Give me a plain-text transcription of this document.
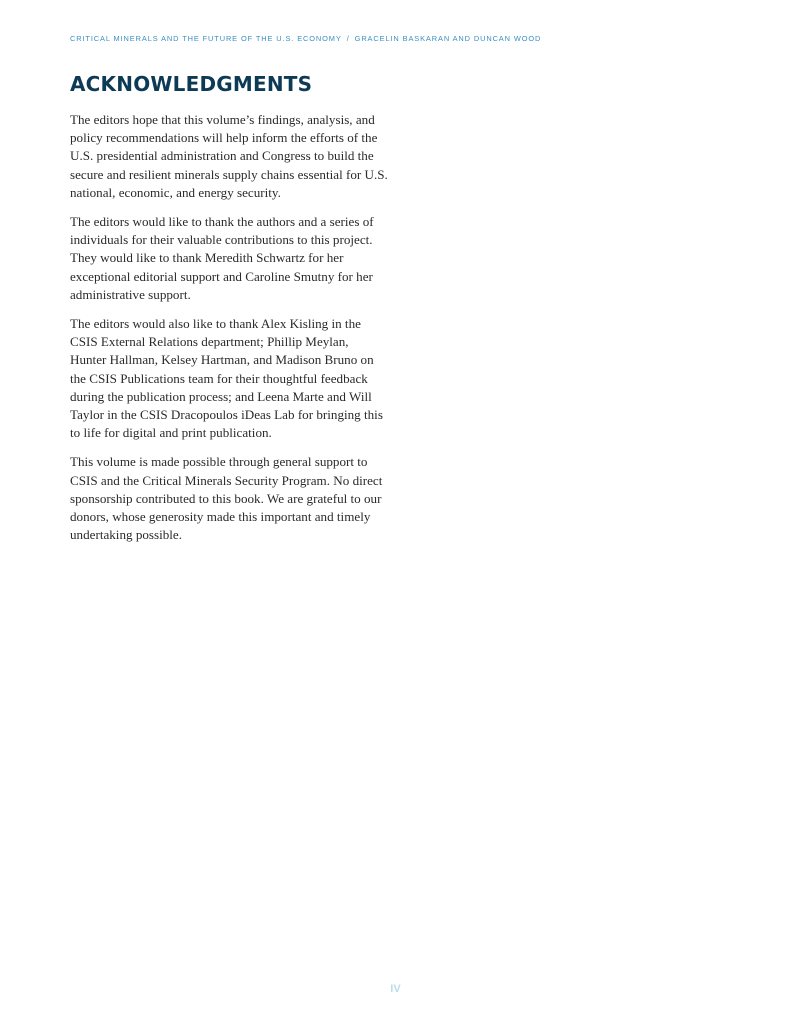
CRITICAL MINERALS AND THE FUTURE OF THE U.S. ECONOMY / GRACELIN BASKARAN AND DUNCAN WOOD
ACKNOWLEDGMENTS

The editors hope that this volume’s findings, analysis, and policy recommendations will help inform the efforts of the U.S. presidential administration and Congress to build the secure and resilient minerals supply chains essential for U.S. national, economic, and energy security.

The editors would like to thank the authors and a series of individuals for their valuable contributions to this project. They would like to thank Meredith Schwartz for her exceptional editorial support and Caroline Smutny for her administrative support.

The editors would also like to thank Alex Kisling in the CSIS External Relations department; Phillip Meylan, Hunter Hallman, Kelsey Hartman, and Madison Bruno on the CSIS Publications team for their thoughtful feedback during the publication process; and Leena Marte and Will Taylor in the CSIS Dracopoulos iDeas Lab for bringing this to life for digital and print publication.

This volume is made possible through general support to CSIS and the Critical Minerals Security Program. No direct sponsorship contributed to this book. We are grateful to our donors, whose generosity made this important and timely undertaking possible.

IV
